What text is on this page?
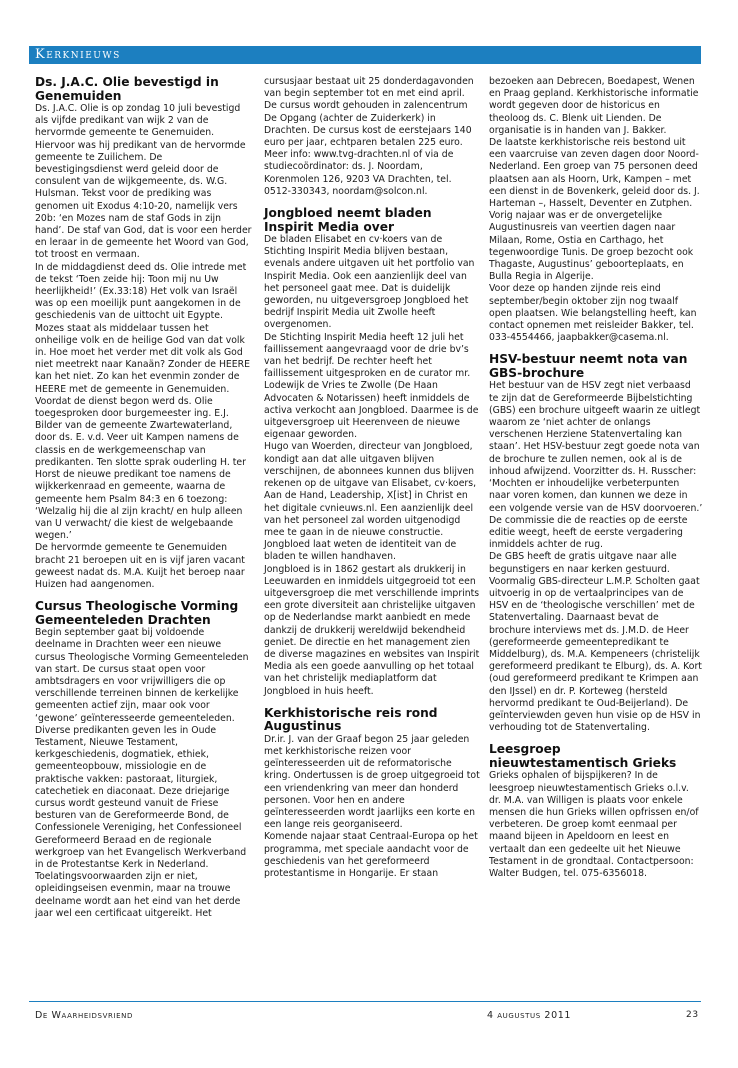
Kerknieuws
Ds. J.A.C. Olie bevestigd in Genemuiden

Ds. J.A.C. Olie is op zondag 10 juli bevestigd als vijfde predikant van wijk 2 van de hervormde gemeente te Genemuiden. Hiervoor was hij predikant van de hervormde gemeente te Zuilichem. De bevestigingsdienst werd geleid door de consulent van de wijkgemeente, ds. W.G. Hulsman. Tekst voor de prediking was genomen uit Exodus 4:10-20, namelijk vers 20b: ‘en Mozes nam de staf Gods in zijn hand’. De staf van God, dat is voor een herder en leraar in de gemeente het Woord van God, tot troost en vermaan.

In de middagdienst deed ds. Olie intrede met de tekst ‘Toen zeide hij: Toon mij nu Uw heerlijkheid!’ (Ex.33:18) Het volk van Israël was op een moeilijk punt aangekomen in de geschiedenis van de uittocht uit Egypte. Mozes staat als middelaar tussen het onheilige volk en de heilige God van dat volk in. Hoe moet het verder met dit volk als God niet meetrekt naar Kanaän? Zonder de HEERE kan het niet. Zo kan het evenmin zonder de HEERE met de gemeente in Genemuiden.

Voordat de dienst begon werd ds. Olie toegesproken door burgemeester ing. E.J. Bilder van de gemeente Zwartewaterland, door ds. E. v.d. Veer uit Kampen namens de classis en de werkgemeenschap van predikanten. Ten slotte sprak ouderling H. ter Horst de nieuwe predikant toe namens de wijkkerkenraad en gemeente, waarna de gemeente hem Psalm 84:3 en 6 toezong: ‘Welzalig hij die al zijn kracht/ en hulp alleen van U verwacht/ die kiest de welgebaande wegen.’

De hervormde gemeente te Genemuiden bracht 21 beroepen uit en is vijf jaren vacant geweest nadat ds. M.A. Kuijt het beroep naar Huizen had aangenomen.

Cursus Theologische Vorming Gemeenteleden Drachten

Begin september gaat bij voldoende deelname in Drachten weer een nieuwe cursus Theologische Vorming Gemeenteleden van start. De cursus staat open voor ambtsdragers en voor vrijwilligers die op verschillende terreinen binnen de kerkelijke gemeenten actief zijn, maar ook voor ‘gewone’ geïnteresseerde gemeenteleden. Diverse predikanten geven les in Oude Testament, Nieuwe Testament, kerkgeschiedenis, dogmatiek, ethiek, gemeenteopbouw, missiologie en de praktische vakken: pastoraat, liturgiek, catechetiek en diaconaat. Deze driejarige cursus wordt gesteund vanuit de Friese besturen van de Gereformeerde Bond, de Confessionele Vereniging, het Confessioneel Gereformeerd Beraad en de regionale werkgroep van het Evangelisch Werkverband in de Protestantse Kerk in Nederland. Toelatingsvoorwaarden zijn er niet, opleidingseisen evenmin, maar na trouwe deelname wordt aan het eind van het derde jaar wel een certificaat uitgereikt. Het

cursusjaar bestaat uit 25 donderdagavonden van begin september tot en met eind april. De cursus wordt gehouden in zalencentrum De Opgang (achter de Zuiderkerk) in Drachten. De cursus kost de eerstejaars 140 euro per jaar, echtparen betalen 225 euro. Meer info: www.tvg-drachten.nl of via de studiecoördinator: ds. J. Noordam, Korenmolen 126, 9203 VA Drachten, tel. 0512-330343, noordam@solcon.nl.

Jongbloed neemt bladen Inspirit Media over

De bladen Elisabet en cv·koers van de Stichting Inspirit Media blijven bestaan, evenals andere uitgaven uit het portfolio van Inspirit Media. Ook een aanzienlijk deel van het personeel gaat mee. Dat is duidelijk geworden, nu uitgeversgroep Jongbloed het bedrijf Inspirit Media uit Zwolle heeft overgenomen.

De Stichting Inspirit Media heeft 12 juli het faillissement aangevraagd voor de drie bv’s van het bedrijf. De rechter heeft het faillissement uitgesproken en de curator mr. Lodewijk de Vries te Zwolle (De Haan Advocaten & Notarissen) heeft inmiddels de activa verkocht aan Jongbloed. Daarmee is de uitgeversgroep uit Heerenveen de nieuwe eigenaar geworden.

Hugo van Woerden, directeur van Jongbloed, kondigt aan dat alle uitgaven blijven verschijnen, de abonnees kunnen dus blijven rekenen op de uitgave van Elisabet, cv·koers, Aan de Hand, Leadership, X[ist] in Christ en het digitale cvnieuws.nl. Een aanzienlijk deel van het personeel zal worden uitgenodigd mee te gaan in de nieuwe constructie. Jongbloed laat weten de identiteit van de bladen te willen handhaven.

Jongbloed is in 1862 gestart als drukkerij in Leeuwarden en inmiddels uitgegroeid tot een uitgeversgroep die met verschillende imprints een grote diversiteit aan christelijke uitgaven op de Nederlandse markt aanbiedt en mede dankzij de drukkerij wereldwijd bekendheid geniet. De directie en het management zien de diverse magazines en websites van Inspirit Media als een goede aanvulling op het totaal van het christelijk mediaplatform dat Jongbloed in huis heeft.

Kerkhistorische reis rond Augustinus

Dr.ir. J. van der Graaf begon 25 jaar geleden met kerkhistorische reizen voor geïnteresseerden uit de reformatorische kring. Ondertussen is de groep uitgegroeid tot een vriendenkring van meer dan honderd personen. Voor hen en andere geïnteresseerden wordt jaarlijks een korte en een lange reis georganiseerd.

Komende najaar staat Centraal-Europa op het programma, met speciale aandacht voor de geschiedenis van het gereformeerd protestantisme in Hongarije. Er staan

bezoeken aan Debrecen, Boedapest, Wenen en Praag gepland. Kerkhistorische informatie wordt gegeven door de historicus en theoloog ds. C. Blenk uit Lienden. De organisatie is in handen van J. Bakker.

De laatste kerkhistorische reis bestond uit een vaarcruise van zeven dagen door Noord-Nederland. Een groep van 75 personen deed plaatsen aan als Hoorn, Urk, Kampen – met een dienst in de Bovenkerk, geleid door ds. J. Harteman –, Hasselt, Deventer en Zutphen. Vorig najaar was er de onvergetelijke Augustinusreis van veertien dagen naar Milaan, Rome, Ostia en Carthago, het tegenwoordige Tunis. De groep bezocht ook Thagaste, Augustinus’ geboorteplaats, en Bulla Regia in Algerije.

Voor deze op handen zijnde reis eind september/begin oktober zijn nog twaalf open plaatsen. Wie belangstelling heeft, kan contact opnemen met reisleider Bakker, tel. 033-4554466, jaapbakker@casema.nl.

HSV-bestuur neemt nota van GBS-brochure

Het bestuur van de HSV zegt niet verbaasd te zijn dat de Gereformeerde Bijbelstichting (GBS) een brochure uitgeeft waarin ze uitlegt waarom ze ‘niet achter de onlangs verschenen Herziene Statenvertaling kan staan’. Het HSV-bestuur zegt goede nota van de brochure te zullen nemen, ook al is de inhoud afwijzend. Voorzitter ds. H. Russcher: ‘Mochten er inhoudelijke verbeterpunten naar voren komen, dan kunnen we deze in een volgende versie van de HSV doorvoeren.’ De commissie die de reacties op de eerste editie weegt, heeft de eerste vergadering inmiddels achter de rug.

De GBS heeft de gratis uitgave naar alle begunstigers en naar kerken gestuurd. Voormalig GBS-directeur L.M.P. Scholten gaat uitvoerig in op de vertaalprincipes van de HSV en de ‘theologische verschillen’ met de Statenvertaling. Daarnaast bevat de brochure interviews met ds. J.M.D. de Heer (gereformeerde gemeentepredikant te Middelburg), ds. M.A. Kempeneers (christelijk gereformeerd predikant te Elburg), ds. A. Kort (oud gereformeerd predikant te Krimpen aan den IJssel) en dr. P. Korteweg (hersteld hervormd predikant te Oud-Beijerland). De geïnterviewden geven hun visie op de HSV in verhouding tot de Statenvertaling.

Leesgroep nieuwtestamentisch Grieks

Grieks ophalen of bijspijkeren? In de leesgroep nieuwtestamentisch Grieks o.l.v. dr. M.A. van Willigen is plaats voor enkele mensen die hun Grieks willen opfrissen en/of verbeteren. De groep komt eenmaal per maand bijeen in Apeldoorn en leest en vertaalt dan een gedeelte uit het Nieuwe Testament in de grondtaal. Contactpersoon: Walter Budgen, tel. 075-6356018.

De Waarheidsvriend	4 augustus 2011	23
